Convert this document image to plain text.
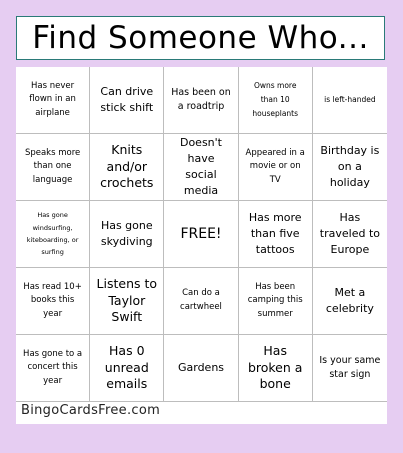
Find Someone Who...
Has never flown in an airplane
Can drive stick shift
Has been on a roadtrip
Owns more than 10 houseplants
is left-handed
Speaks more than one language
Knits and/or crochets
Doesn't have social media
Appeared in a movie or on TV
Birthday is on a holiday
Has gone windsurfing, kiteboarding, or surfing
Has gone skydiving	FREE!
Has more than five tattoos
Has traveled to Europe
Has read 10+ books this year
Listens to Taylor Swift
Can do a cartwheel
Has been camping this summer
Met a celebrity
Has gone to a concert this year
Has 0 unread emails
Gardens
Has broken a bone
Is your same star sign
BingoCardsFree.com
